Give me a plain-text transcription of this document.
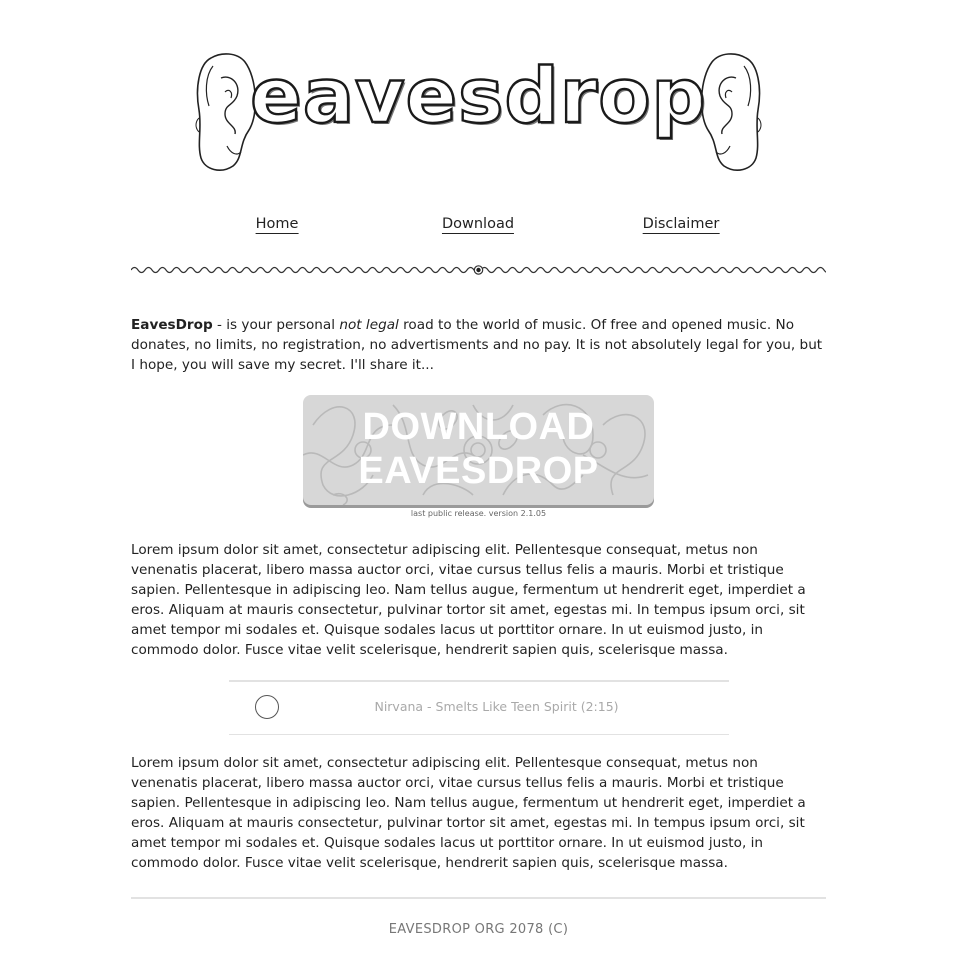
eavesdrop
Home	Download	Disclaimer
EavesDrop - is your personal not legal road to the world of music. Of free and opened music. No donates, no limits, no registration, no advertisments and no pay. It is not absolutely legal for you, but I hope, you will save my secret. I'll share it...
DOWNLOAD
EAVESDROP
last public release. version 2.1.05

Lorem ipsum dolor sit amet, consectetur adipiscing elit. Pellentesque consequat, metus non venenatis placerat, libero massa auctor orci, vitae cursus tellus felis a mauris. Morbi et tristique sapien. Pellentesque in adipiscing leo. Nam tellus augue, fermentum ut hendrerit eget, imperdiet a eros. Aliquam at mauris consectetur, pulvinar tortor sit amet, egestas mi. In tempus ipsum orci, sit amet tempor mi sodales et. Quisque sodales lacus ut porttitor ornare. In ut euismod justo, in commodo dolor. Fusce vitae velit scelerisque, hendrerit sapien quis, scelerisque massa.

Nirvana - Smelts Like Teen Spirit (2:15)

Lorem ipsum dolor sit amet, consectetur adipiscing elit. Pellentesque consequat, metus non venenatis placerat, libero massa auctor orci, vitae cursus tellus felis a mauris. Morbi et tristique sapien. Pellentesque in adipiscing leo. Nam tellus augue, fermentum ut hendrerit eget, imperdiet a eros. Aliquam at mauris consectetur, pulvinar tortor sit amet, egestas mi. In tempus ipsum orci, sit amet tempor mi sodales et. Quisque sodales lacus ut porttitor ornare. In ut euismod justo, in commodo dolor. Fusce vitae velit scelerisque, hendrerit sapien quis, scelerisque massa.

EAVESDROP ORG 2078 (C)
